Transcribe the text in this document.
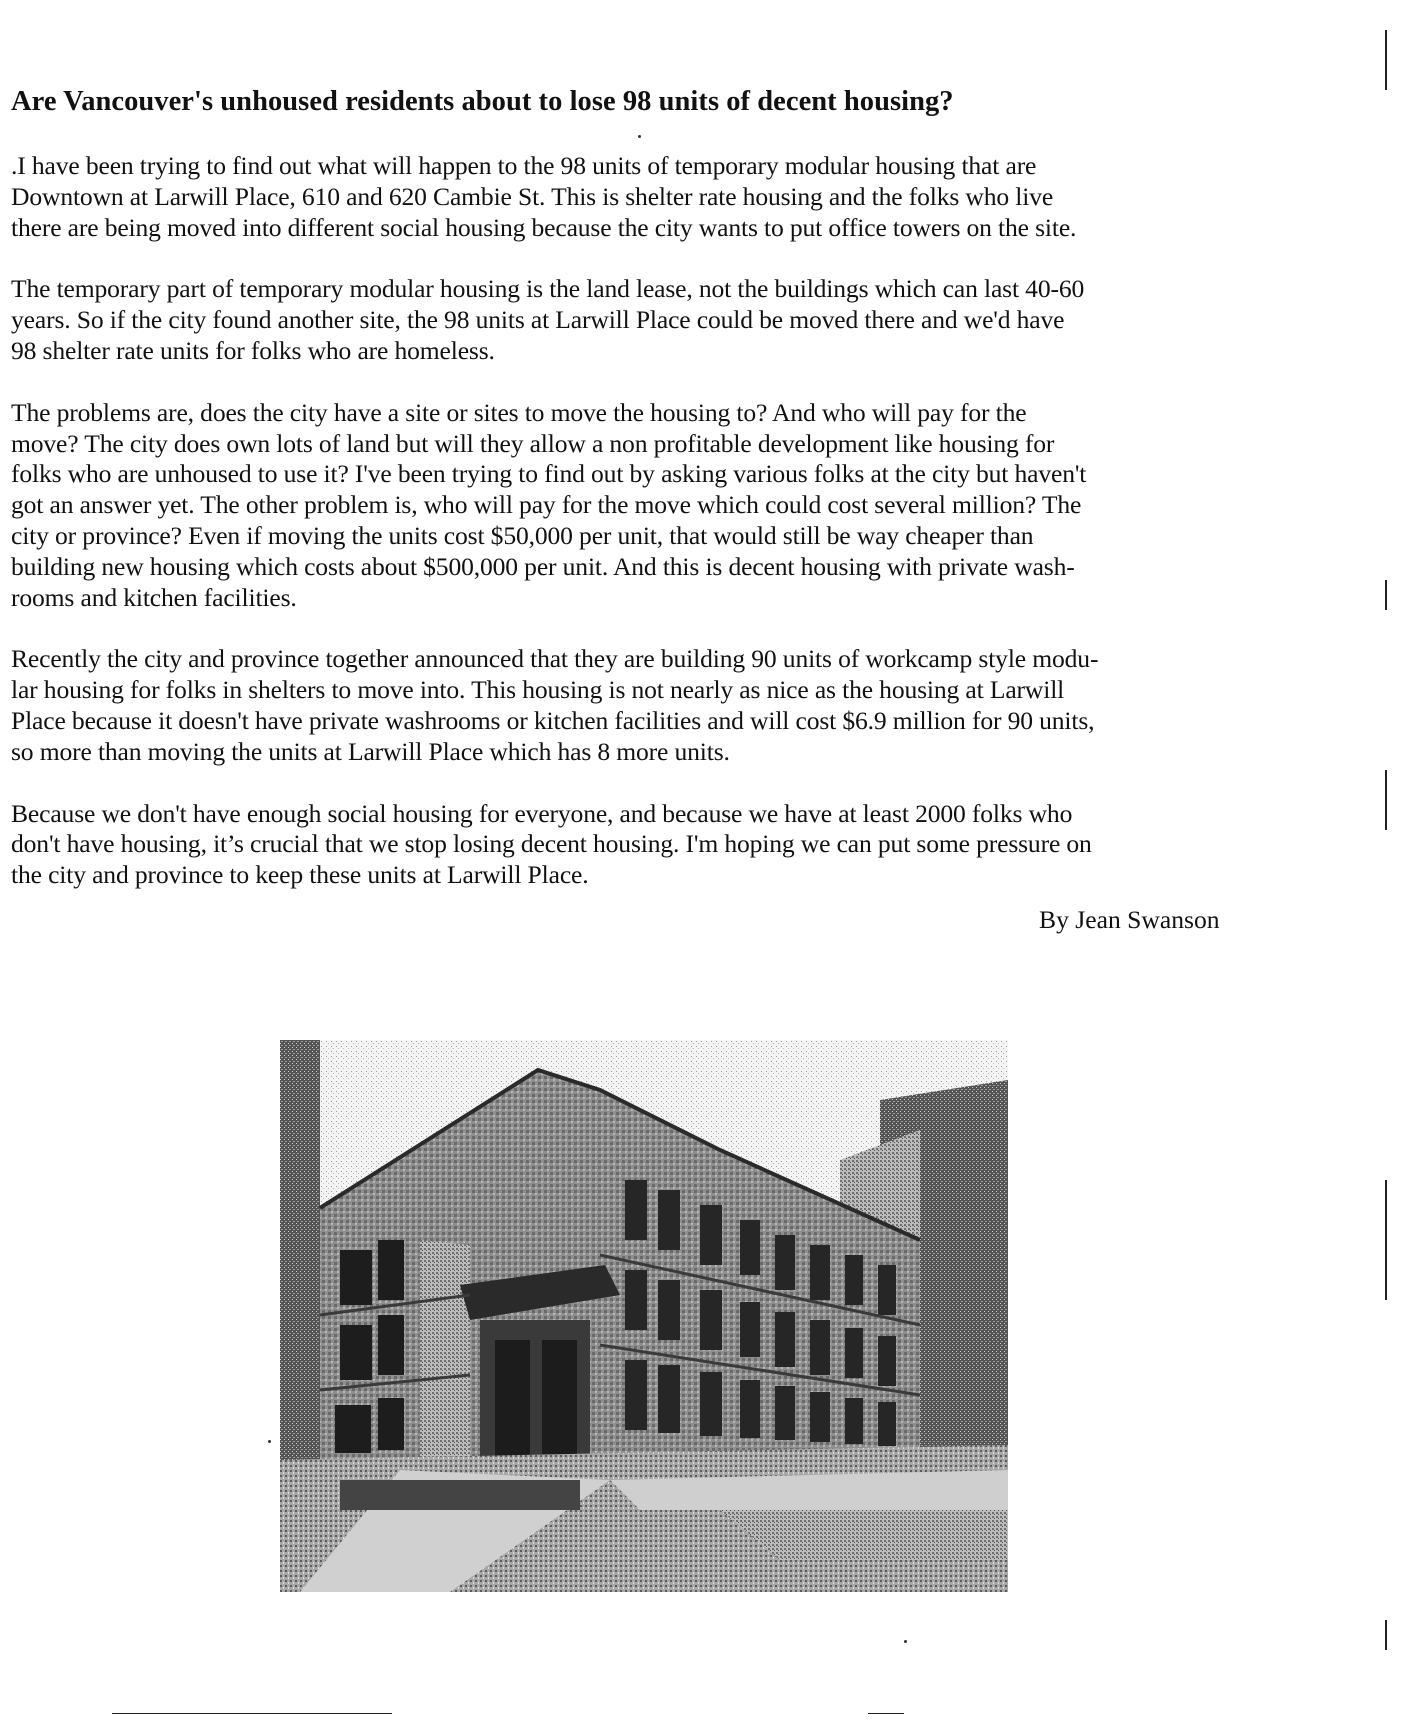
Are Vancouver's unhoused residents about to lose 98 units of decent housing?

.I have been trying to find out what will happen to the 98 units of temporary modular housing that are
Downtown at Larwill Place, 610 and 620 Cambie St. This is shelter rate housing and the folks who live
there are being moved into different social housing because the city wants to put office towers on the site.

The temporary part of temporary modular housing is the land lease, not the buildings which can last 40-60
years. So if the city found another site, the 98 units at Larwill Place could be moved there and we'd have
98 shelter rate units for folks who are homeless.

The problems are, does the city have a site or sites to move the housing to? And who will pay for the
move? The city does own lots of land but will they allow a non profitable development like housing for
folks who are unhoused to use it? I've been trying to find out by asking various folks at the city but haven't
got an answer yet. The other problem is, who will pay for the move which could cost several million? The
city or province? Even if moving the units cost $50,000 per unit, that would still be way cheaper than
building new housing which costs about $500,000 per unit. And this is decent housing with private wash-
rooms and kitchen facilities.

Recently the city and province together announced that they are building 90 units of workcamp style modu-
lar housing for folks in shelters to move into. This housing is not nearly as nice as the housing at Larwill
Place because it doesn't have private washrooms or kitchen facilities and will cost $6.9 million for 90 units,
so more than moving the units at Larwill Place which has 8 more units.

Because we don't have enough social housing for everyone, and because we have at least 2000 folks who
don't have housing, it’s crucial that we stop losing decent housing. I'm hoping we can put some pressure on
the city and province to keep these units at Larwill Place.

By Jean Swanson
